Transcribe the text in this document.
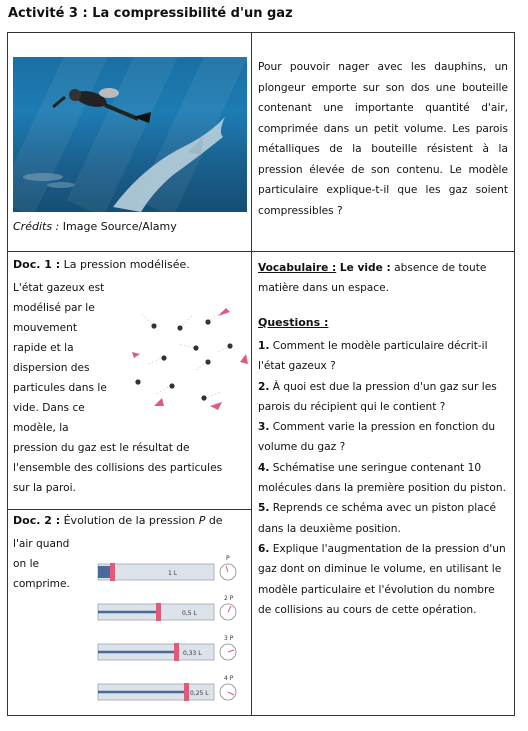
Activité 3 : La compressibilité d'un gaz
Crédits : Image Source/Alamy
Pour pouvoir nager avec les dauphins, un plongeur emporte sur son dos une bouteille contenant une importante quantité d'air, comprimée dans un petit volume. Les parois métalliques de la bouteille résistent à la pression élevée de son contenu. Le modèle particulaire explique-t-il que les gaz soient compressibles ?
Doc. 1 : La pression modélisée.
L'état gazeux est
modélisé par le
mouvement
rapide et la
dispersion des
particules dans le
vide. Dans ce
modèle, la
pression du gaz est le résultat de
l'ensemble des collisions des particules
sur la paroi.
Doc. 2 : Évolution de la pression P de
l'air quand
on le
comprime.
1 L
P
0,5 L
2 P
0,33 L
3 P
0,25 L
4 P
Vocabulaire : Le vide : absence de toute matière dans un espace.
Questions :

1. Comment le modèle particulaire décrit-il l'état gazeux ?

2. À quoi est due la pression d'un gaz sur les parois du récipient qui le contient ?

3. Comment varie la pression en fonction du volume du gaz ?

4. Schématise une seringue contenant 10 molécules dans la première position du piston.

5. Reprends ce schéma avec un piston placé dans la deuxième position.

6. Explique l'augmentation de la pression d'un gaz dont on diminue le volume, en utilisant le modèle particulaire et l'évolution du nombre de collisions au cours de cette opération.
